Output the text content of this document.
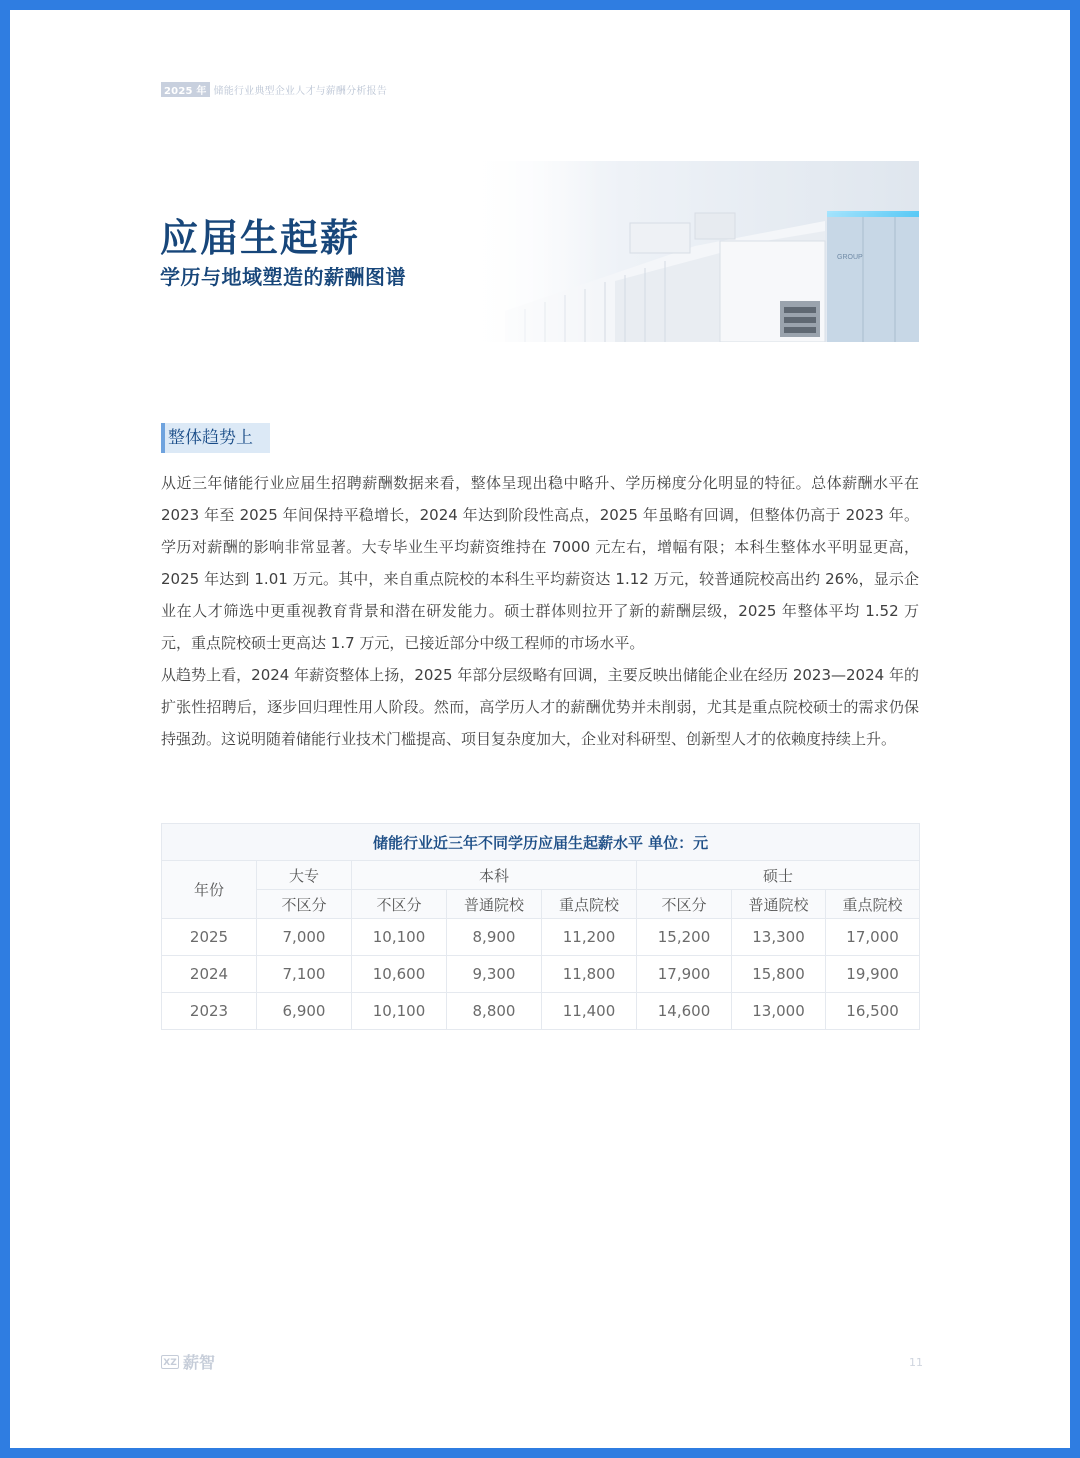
2025 年 储能行业典型企业人才与薪酬分析报告
应届生起薪
学历与地域塑造的薪酬图谱
整体趋势上

从近三年储能行业应届生招聘薪酬数据来看，整体呈现出稳中略升、学历梯度分化明显的特征。总体薪酬水平在 2023 年至 2025 年间保持平稳增长，2024 年达到阶段性高点，2025 年虽略有回调，但整体仍高于 2023 年。学历对薪酬的影响非常显著。大专毕业生平均薪资维持在 7000 元左右，增幅有限；本科生整体水平明显更高，2025 年达到 1.01 万元。其中，来自重点院校的本科生平均薪资达 1.12 万元，较普通院校高出约 26%，显示企业在人才筛选中更重视教育背景和潜在研发能力。硕士群体则拉开了新的薪酬层级，2025 年整体平均 1.52 万元，重点院校硕士更高达 1.7 万元，已接近部分中级工程师的市场水平。

从趋势上看，2024 年薪资整体上扬，2025 年部分层级略有回调，主要反映出储能企业在经历 2023—2024 年的扩张性招聘后，逐步回归理性用人阶段。然而，高学历人才的薪酬优势并未削弱，尤其是重点院校硕士的需求仍保持强劲。这说明随着储能行业技术门槛提高、项目复杂度加大，企业对科研型、创新型人才的依赖度持续上升。

储能行业近三年不同学历应届生起薪水平 单位：元							
年份	大专	本科			硕士		
	不区分	不区分	普通院校	重点院校	不区分	普通院校	重点院校
2025	7,000	10,100	8,900	11,200	15,200	13,300	17,000
2024	7,100	10,600	9,300	11,800	17,900	15,800	19,900
2023	6,900	10,100	8,800	11,400	14,600	13,000	16,500
XZ 薪智	11
